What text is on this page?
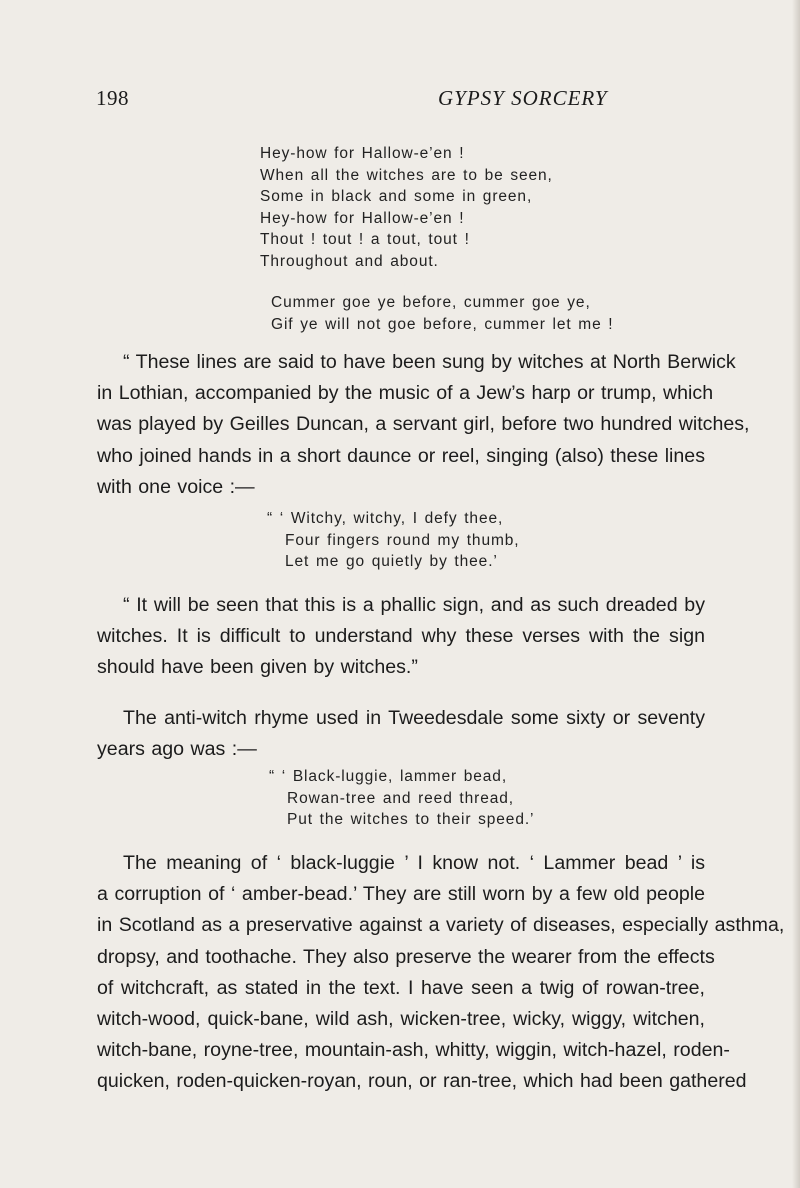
198	GYPSY SORCERY
Hey-how for Hallow-e’en !
When all the witches are to be seen,
Some in black and some in green,
Hey-how for Hallow-e’en !
Thout ! tout ! a tout, tout !
Throughout and about.
Cummer goe ye before, cummer goe ye,
Gif ye will not goe before, cummer let me !
“ These lines are said to have been sung by witches at North Berwick
in Lothian, accompanied by the music of a Jew’s harp or trump, which
was played by Geilles Duncan, a servant girl, before two hundred witches,
who joined hands in a short daunce or reel, singing (also) these lines
with one voice :—
“ ‘ Witchy, witchy, I defy thee,
Four fingers round my thumb,
Let me go quietly by thee.’
“ It will be seen that this is a phallic sign, and as such dreaded by
witches. It is difficult to understand why these verses with the sign
should have been given by witches.”
The anti-witch rhyme used in Tweedesdale some sixty or seventy
years ago was :—
“ ‘ Black-luggie, lammer bead,
Rowan-tree and reed thread,
Put the witches to their speed.’
The meaning of ‘ black-luggie ’ I know not. ‘ Lammer bead ’ is
a corruption of ‘ amber-bead.’ They are still worn by a few old people
in Scotland as a preservative against a variety of diseases, especially asthma,
dropsy, and toothache. They also preserve the wearer from the effects
of witchcraft, as stated in the text. I have seen a twig of rowan-tree,
witch-wood, quick-bane, wild ash, wicken-tree, wicky, wiggy, witchen,
witch-bane, royne-tree, mountain-ash, whitty, wiggin, witch-hazel, roden-
quicken, roden-quicken-royan, roun, or ran-tree, which had been gathered
